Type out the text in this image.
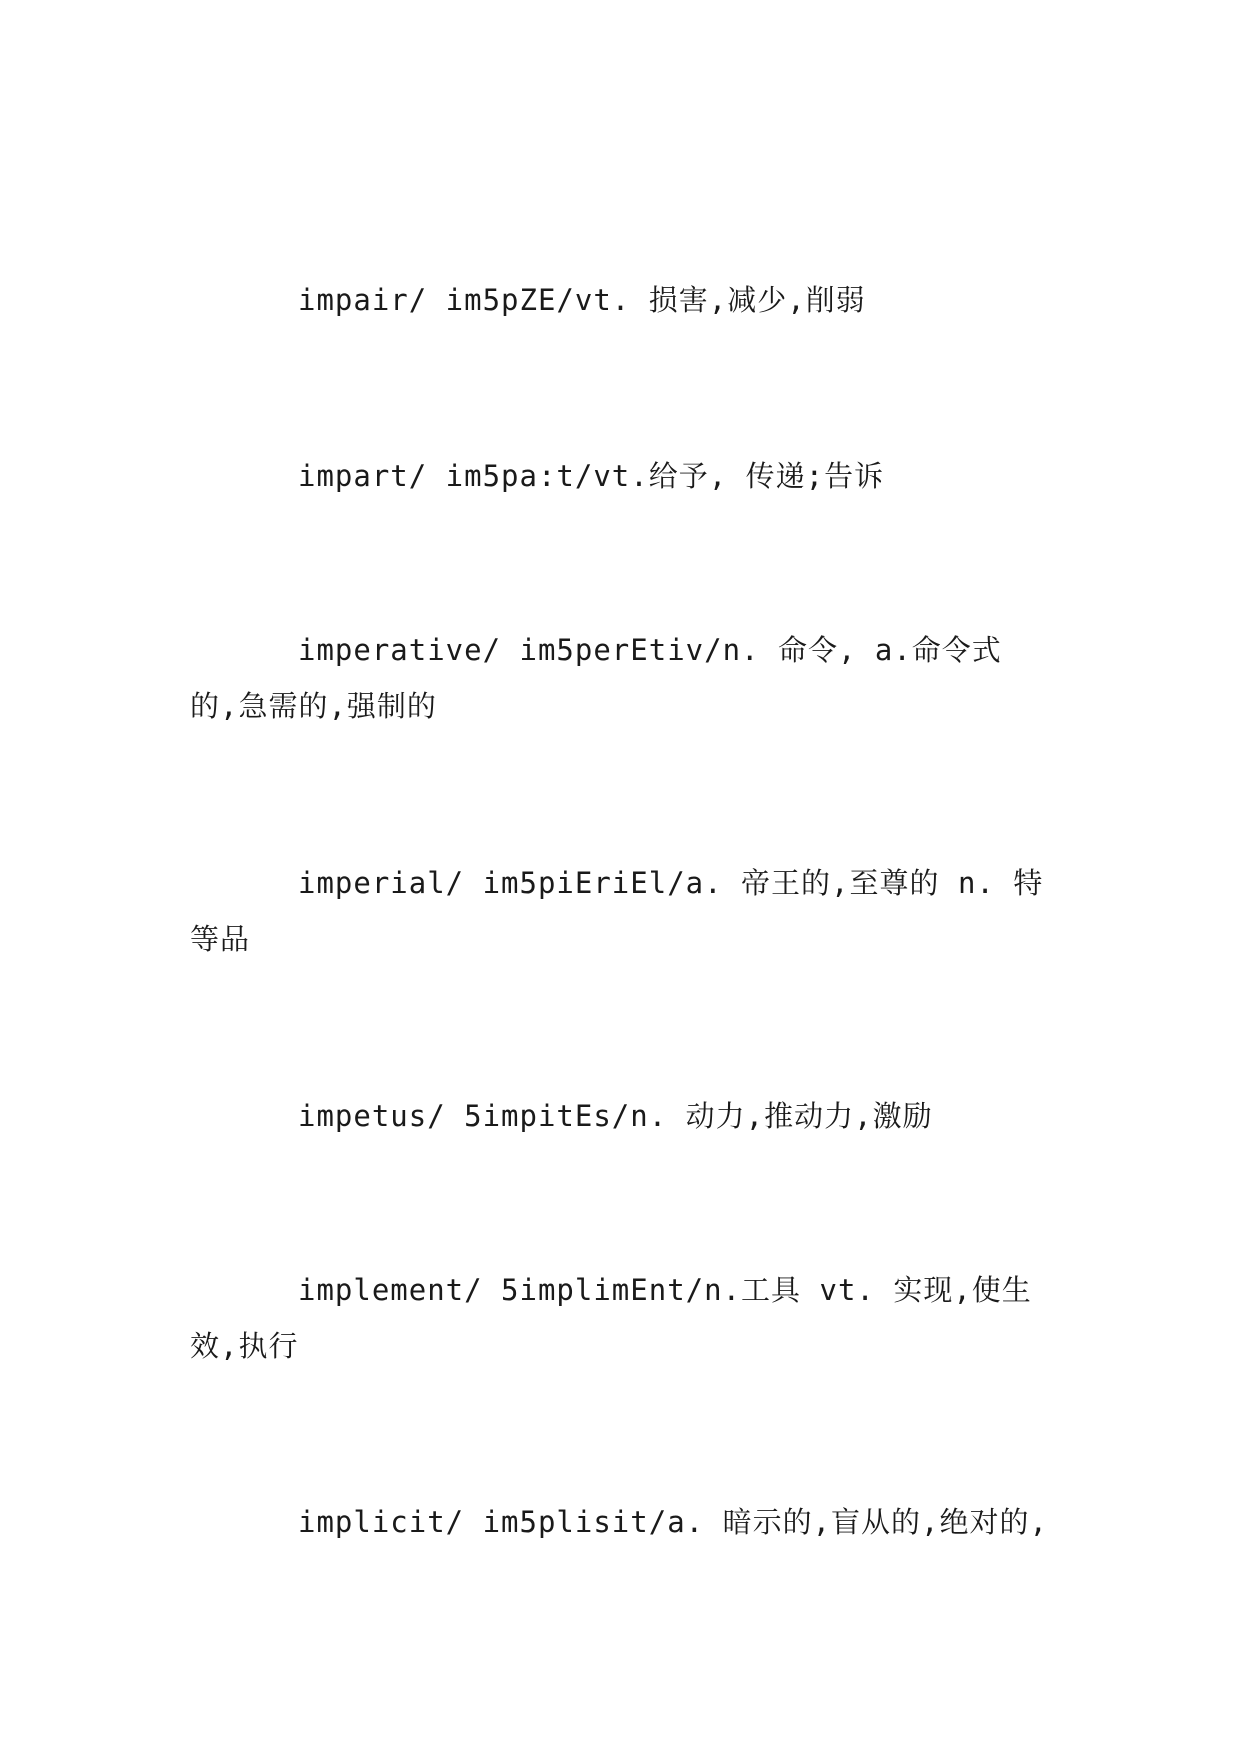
impair/ im5pZE/vt. 损害,减少,削弱

impart/ im5pa:t/vt.给予, 传递;告诉

imperative/ im5perEtiv/n. 命令, a.命令式的,急需的,强制的

imperial/ im5piEriEl/a. 帝王的,至尊的 n. 特等品

impetus/ 5impitEs/n. 动力,推动力,激励

implement/ 5implimEnt/n.工具 vt. 实现,使生效,执行

implicit/ im5plisit/a. 暗示的,盲从的,绝对的,
